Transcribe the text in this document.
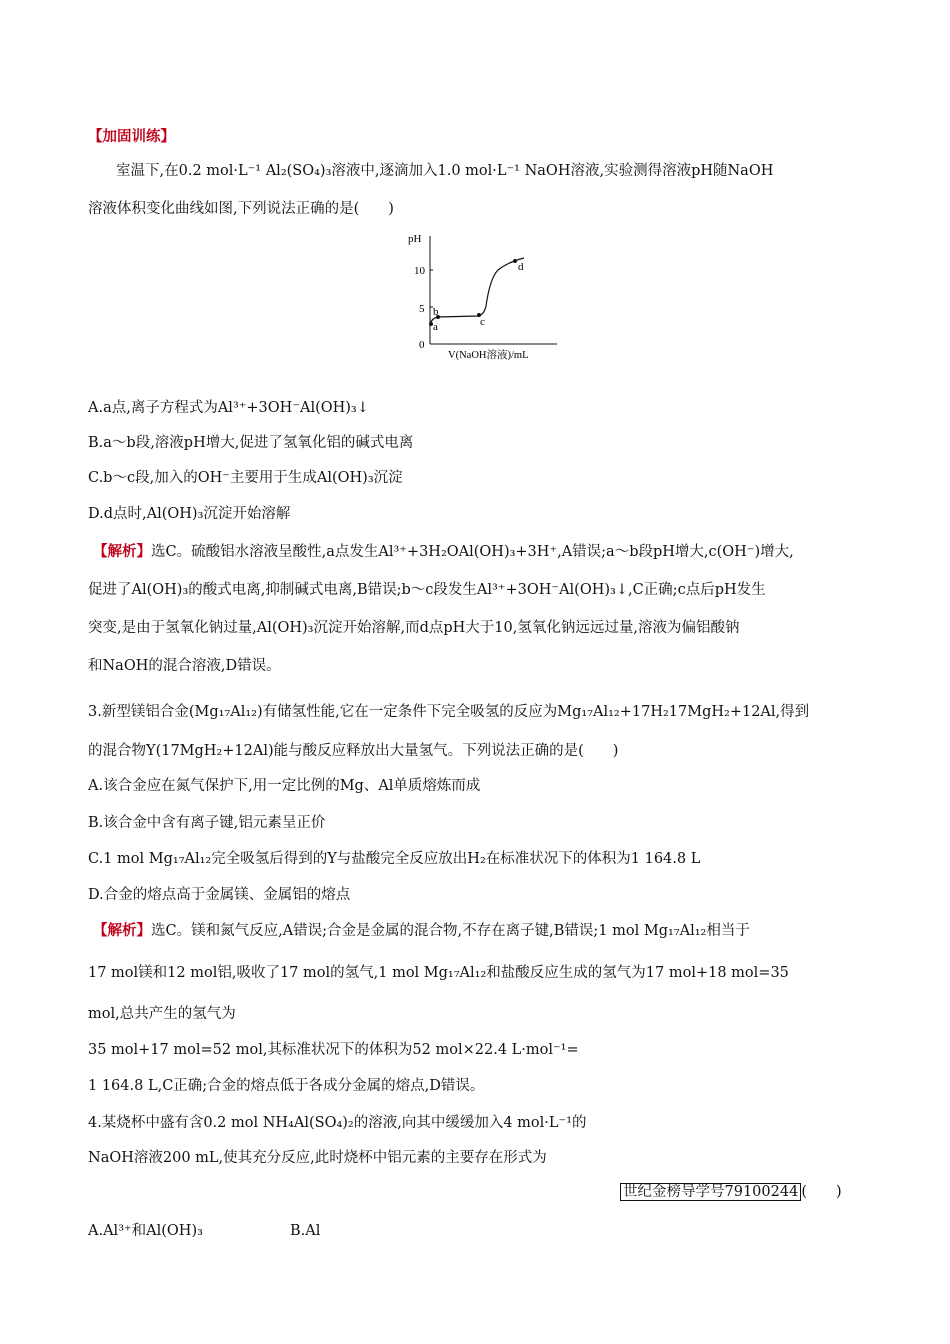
【加固训练】
室温下,在0.2 mol·L⁻¹ Al₂(SO₄)₃溶液中,逐滴加入1.0 mol·L⁻¹ NaOH溶液,实验测得溶液pH随NaOH
溶液体积变化曲线如图,下列说法正确的是(　　)
pH
10
5
0
a
b
c
d
V(NaOH溶液)/mL
A.a点,离子方程式为Al³⁺+3OH⁻Al(OH)₃↓
B.a～b段,溶液pH增大,促进了氢氧化铝的碱式电离
C.b～c段,加入的OH⁻主要用于生成Al(OH)₃沉淀
D.d点时,Al(OH)₃沉淀开始溶解
【解析】选C。硫酸铝水溶液呈酸性,a点发生Al³⁺+3H₂OAl(OH)₃+3H⁺,A错误;a～b段pH增大,c(OH⁻)增大,
促进了Al(OH)₃的酸式电离,抑制碱式电离,B错误;b～c段发生Al³⁺+3OH⁻Al(OH)₃↓,C正确;c点后pH发生
突变,是由于氢氧化钠过量,Al(OH)₃沉淀开始溶解,而d点pH大于10,氢氧化钠远远过量,溶液为偏铝酸钠
和NaOH的混合溶液,D错误。
3.新型镁铝合金(Mg₁₇Al₁₂)有储氢性能,它在一定条件下完全吸氢的反应为Mg₁₇Al₁₂+17H₂17MgH₂+12Al,得到
的混合物Y(17MgH₂+12Al)能与酸反应释放出大量氢气。下列说法正确的是(　　)
A.该合金应在氮气保护下,用一定比例的Mg、Al单质熔炼而成
B.该合金中含有离子键,铝元素呈正价
C.1 mol Mg₁₇Al₁₂完全吸氢后得到的Y与盐酸完全反应放出H₂在标准状况下的体积为1 164.8 L
D.合金的熔点高于金属镁、金属铝的熔点
【解析】选C。镁和氮气反应,A错误;合金是金属的混合物,不存在离子键,B错误;1 mol Mg₁₇Al₁₂相当于
17 mol镁和12 mol铝,吸收了17 mol的氢气,1 mol Mg₁₇Al₁₂和盐酸反应生成的氢气为17 mol+18 mol=35
mol,总共产生的氢气为
35 mol+17 mol=52 mol,其标准状况下的体积为52 mol×22.4 L·mol⁻¹=
1 164.8 L,C正确;合金的熔点低于各成分金属的熔点,D错误。
4.某烧杯中盛有含0.2 mol NH₄Al(SO₄)₂的溶液,向其中缓缓加入4 mol·L⁻¹的
NaOH溶液200 mL,使其充分反应,此时烧杯中铝元素的主要存在形式为
世纪金榜导学号79100244 (　　)
A.Al³⁺和Al(OH)₃	B.Al
